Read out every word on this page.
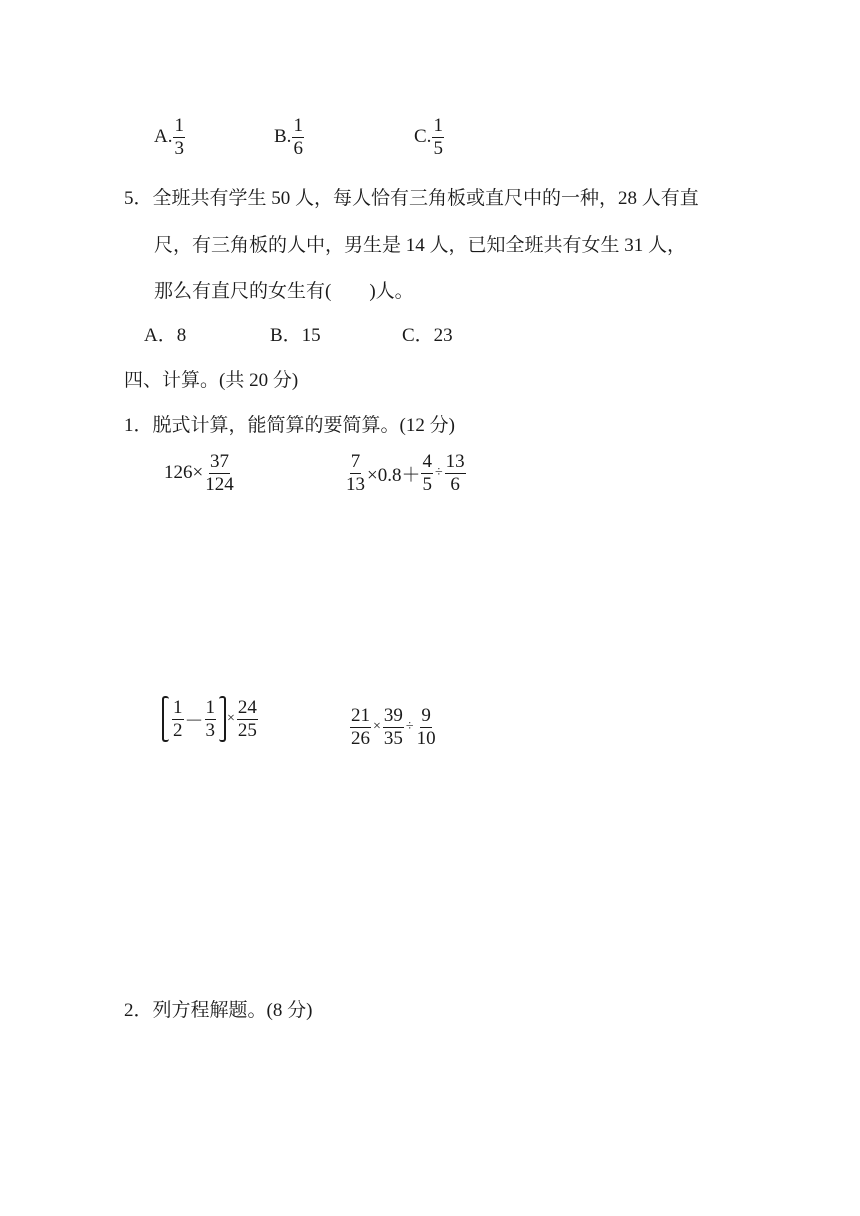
A. $\frac{1}{3}$	B. $\frac{1}{6}$	C. $\frac{1}{5}$
5．全班共有学生 50 人，每人恰有三角板或直尺中的一种，28 人有直
尺，有三角板的人中，男生是 14 人，已知全班共有女生 31 人，
那么有直尺的女生有(　　)人。
A．8	B．15	C．23
四、计算。(共 20 分)
1．脱式计算，能简算的要简算。(12 分)
$126\times \frac{37}{124}$	$\frac{7}{13} \times 0.8+ \frac{4}{5} \div \frac{13}{6}$
$\frac{1}{2} - \frac{1}{3} \times \frac{24}{25}$	$\frac{21}{26} \times \frac{39}{35} \div \frac{9}{10}$
2．列方程解题。(8 分)
